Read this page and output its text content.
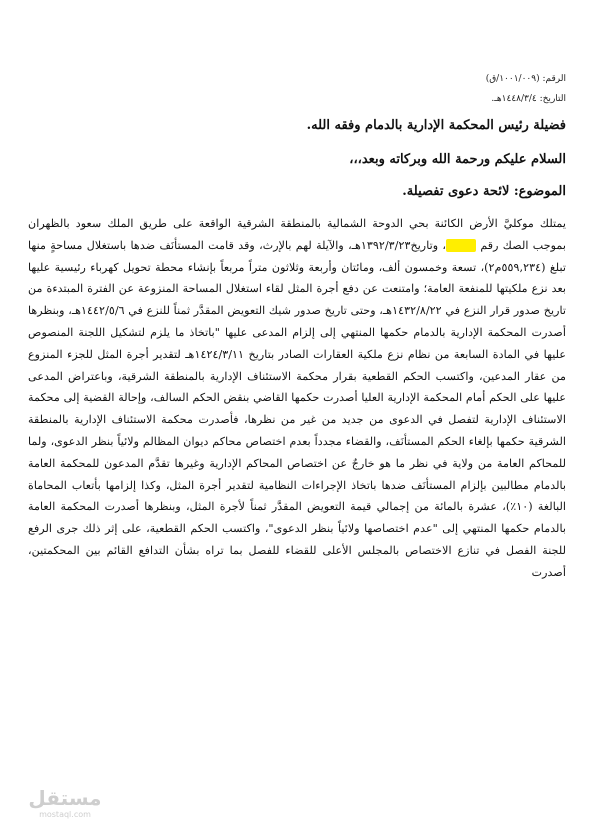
الرقم: (١٠٠١/٠٠٩/ق)
التاريخ: ١٤٤٨/٣/٤هـ.
فضيلة رئيس المحكمة الإدارية بالدمام وفقه الله.
السلام عليكم ورحمة الله وبركاته وبعد،،،
الموضوع: لائحة دعوى تفصيلة.
يمتلك موكليَّ الأرض الكائنة بحي الدوحة الشمالية بالمنطقة الشرقية الواقعة على طريق الملك سعود بالظهران بموجب الصك رقم ، وتاريخ١٣٩٢/٣/٢٣هـ، والآيلة لهم بالإرث، وقد قامت المستأنَف ضدها باستغلال مساحةٍ منها تبلغ (٥٥٩,٢٣٤م٢)، تسعة وخمسون ألف، ومائتان وأربعة وثلاثون متراً مربعاً بإنشاء محطة تحويل كهرباء رئيسية عليها بعد نزع ملكيتها للمنفعة العامة؛ وامتنعت عن دفع أجرة المثل لقاء استغلال المساحة المنزوعة عن الفترة المبتدءة من تاريخ صدور قرار النزع في ١٤٣٢/٨/٢٢هـ، وحتى تاريخ صدور شيك التعويض المقدَّر ثمناً للنزع في ١٤٤٢/٥/٦هـ، وبنظرها أصدرت المحكمة الإدارية بالدمام حكمها المنتهي إلى إلزام المدعى عليها "باتخاذ ما يلزم لتشكيل اللجنة المنصوص عليها في المادة السابعة من نظام نزع ملكية العقارات الصادر بتاريخ ١٤٢٤/٣/١١هـ لتقدير أجرة المثل للجزء المنزوع من عقار المدعين، واكتسب الحكم القطعية بقرار محكمة الاستئناف الإدارية بالمنطقة الشرقية، وباعتراض المدعى عليها على الحكم أمام المحكمة الإدارية العليا أصدرت حكمها القاضي بنقض الحكم السالف، وإحالة القضية إلى محكمة الاستئناف الإدارية لتفصل في الدعوى من جديد من غير من نظرها، فأصدرت محكمة الاستئناف الإدارية بالمنطقة الشرقية حكمها بإلغاء الحكم المستأنَف، والقضاء مجدداً بعدم اختصاص محاكم ديوان المظالم ولائياً بنظر الدعوى، ولما للمحاكم العامة من ولاية في نظر ما هو خارجٌ عن اختصاص المحاكم الإدارية وغيرها تقدَّم المدعون للمحكمة العامة بالدمام مطالبين بإلزام المستأنَف ضدها باتخاذ الإجراءات النظامية لتقدير أجرة المثل، وكذا إلزامها بأتعاب المحاماة البالغة (١٠٪)، عشرة بالمائة من إجمالي قيمة التعويض المقدَّر ثمناً لأجرة المثل، وبنظرها أصدرت المحكمة العامة بالدمام حكمها المنتهي إلى "عدم اختصاصها ولائياً بنظر الدعوى"، واكتسب الحكم القطعية، على إثر ذلك جرى الرفع للجنة الفصل في تنازع الاختصاص بالمجلس الأعلى للقضاء للفصل بما تراه بشأن التدافع القائم بين المحكمتين، أصدرت
مستقل
mostaql.com
